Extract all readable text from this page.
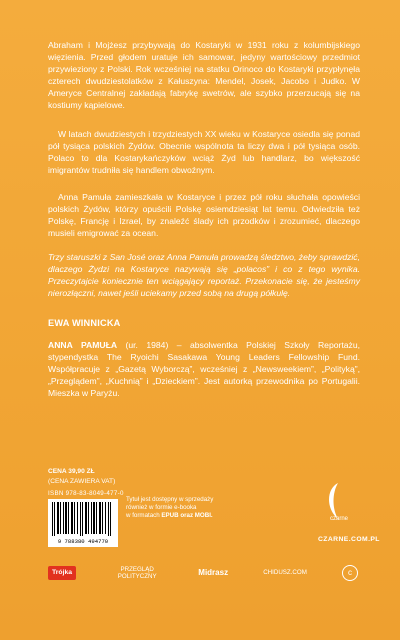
Abraham i Mojżesz przybywają do Kostaryki w 1931 roku z kolumbijskiego więzienia. Przed głodem uratuje ich samowar, jedyny wartościowy przedmiot przywieziony z Polski. Rok wcześniej na statku Orinoco do Kostaryki przypłynęła czterech dwudziestolatków z Kałuszyna: Mendel, Josek, Jacobo i Judko. W Ameryce Centralnej zakładają fabrykę swetrów, ale szybko przerzucają się na kostiumy kąpielowe.

W latach dwudziestych i trzydziestych XX wieku w Kostaryce osiedla się ponad pół tysiąca polskich Żydów. Obecnie wspólnota ta liczy dwa i pół tysiąca osób. Polaco to dla Kostarykańczyków wciąż Żyd lub handlarz, bo większość imigrantów trudniła się handlem obwoźnym.

Anna Pamuła zamieszkała w Kostaryce i przez pół roku słuchała opowieści polskich Żydów, którzy opuścili Polskę osiemdziesiąt lat temu. Odwiedziła też Polskę, Francję i Izrael, by znaleźć ślady ich przodków i zrozumieć, dlaczego musieli emigrować za ocean.

Trzy staruszki z San José oraz Anna Pamuła prowadzą śledztwo, żeby sprawdzić, dlaczego Żydzi na Kostaryce nazywają się „polacos” i co z tego wynika. Przeczytajcie koniecznie ten wciągający reportaż. Przekonacie się, że jesteśmy nierozłączni, nawet jeśli uciekamy przed sobą na drugą półkulę.
EWA WINNICKA
ANNA PAMUŁA (ur. 1984) – absolwentka Polskiej Szkoły Reportażu, stypendystka The Ryoichi Sasakawa Young Leaders Fellowship Fund. Współpracuje z „Gazetą Wyborczą”, wcześniej z „Newsweekiem”, „Polityką”, „Przeglądem”, „Kuchnią” i „Dzieckiem”. Jest autorką przewodnika po Portugalii. Mieszka w Paryżu.
CENA 39,90 ZŁ
(CENA ZAWIERA VAT)
ISBN 978-83-8049-477-0
9 788380 494770
Tytuł jest dostępny w sprzedaży
również w formie e-booka
w formatach EPUB oraz MOBI.	czarne
CZARNE.COM.PL
Trójka
PRZEGLĄD POLITYCZNY	Midrasz	CHIDUSZ.COM	c
